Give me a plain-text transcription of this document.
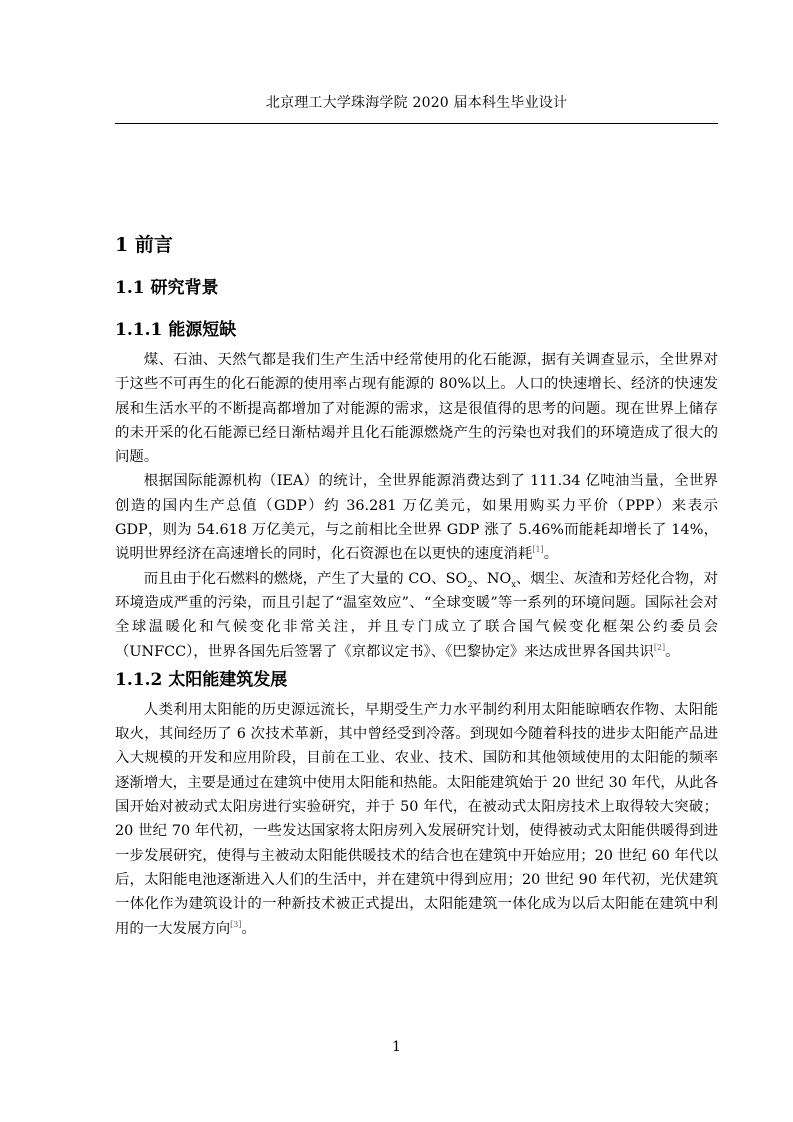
北京理工大学珠海学院 2020 届本科生毕业设计
1 前言
1.1 研究背景
1.1.1 能源短缺

煤、石油、天然气都是我们生产生活中经常使用的化石能源，据有关调查显示，全世界对于这些不可再生的化石能源的使用率占现有能源的 80%以上。人口的快速增长、经济的快速发展和生活水平的不断提高都增加了对能源的需求，这是很值得的思考的问题。现在世界上储存的未开采的化石能源已经日渐枯竭并且化石能源燃烧产生的污染也对我们的环境造成了很大的问题。

根据国际能源机构（IEA）的统计，全世界能源消费达到了 111.34 亿吨油当量，全世界创造的国内生产总值（GDP）约 36.281 万亿美元，如果用购买力平价（PPP）来表示 GDP，则为 54.618 万亿美元，与之前相比全世界 GDP 涨了 5.46%而能耗却增长了 14%，说明世界经济在高速增长的同时，化石资源也在以更快的速度消耗[1]。

而且由于化石燃料的燃烧，产生了大量的 CO、$SO_2$、$NO_x$、烟尘、灰渣和芳烃化合物，对环境造成严重的污染，而且引起了“温室效应”、“全球变暖”等一系列的环境问题。国际社会对全球温暖化和气候变化非常关注，并且专门成立了联合国气候变化框架公约委员会（UNFCC），世界各国先后签署了《京都议定书》、《巴黎协定》来达成世界各国共识[2]。

1.1.2 太阳能建筑发展

人类利用太阳能的历史源远流长，早期受生产力水平制约利用太阳能晾晒农作物、太阳能取火，其间经历了 6 次技术革新，其中曾经受到冷落。到现如今随着科技的进步太阳能产品进入大规模的开发和应用阶段，目前在工业、农业、技术、国防和其他领域使用的太阳能的频率逐渐增大，主要是通过在建筑中使用太阳能和热能。太阳能建筑始于 20 世纪 30 年代，从此各国开始对被动式太阳房进行实验研究，并于 50 年代，在被动式太阳房技术上取得较大突破；20 世纪 70 年代初，一些发达国家将太阳房列入发展研究计划，使得被动式太阳能供暖得到进一步发展研究，使得与主被动太阳能供暖技术的结合也在建筑中开始应用；20 世纪 60 年代以后，太阳能电池逐渐进入人们的生活中，并在建筑中得到应用；20 世纪 90 年代初，光伏建筑一体化作为建筑设计的一种新技术被正式提出，太阳能建筑一体化成为以后太阳能在建筑中利用的一大发展方向[3]。

1
